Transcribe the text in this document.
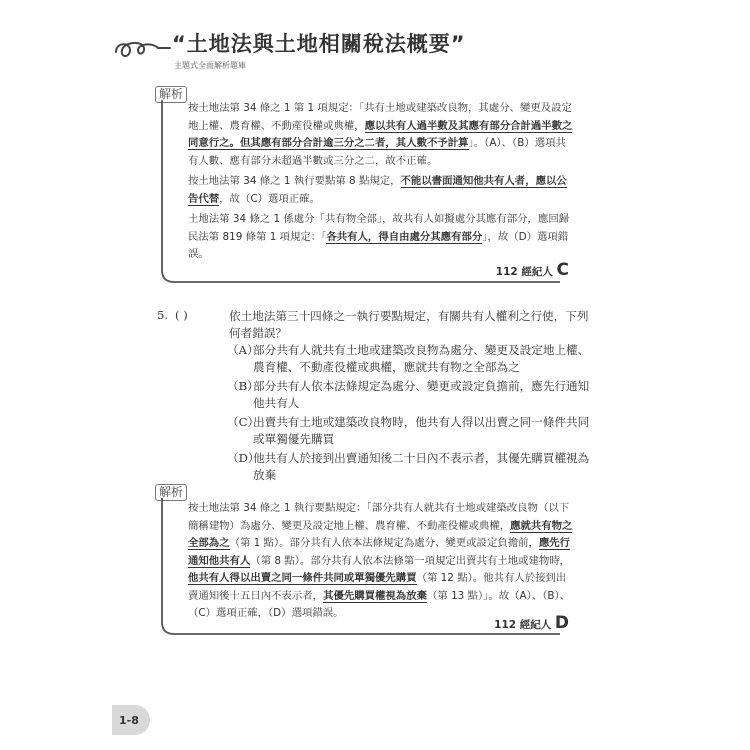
“土地法與土地相關稅法概要”
主題式全面解析題庫
解析

按土地法第 34 條之 1 第 1 項規定：「共有土地或建築改良物，其處分、變更及設定地上權、農育權、不動產役權或典權，應以共有人過半數及其應有部分合計過半數之同意行之。但其應有部分合計逾三分之二者，其人數不予計算」。（A）、（B）選項共有人數、應有部分未超過半數或三分之二，故不正確。

按土地法第 34 條之 1 執行要點第 8 點規定，不能以書面通知他共有人者，應以公告代替，故（C）選項正確。

土地法第 34 條之 1 係處分「共有物全部」，故共有人如擬處分其應有部分，應回歸民法第 819 條第 1 項規定：「各共有人，得自由處分其應有部分」，故（D）選項錯誤。

112 經紀人 C
5. ( )	依土地法第三十四條之一執行要點規定，有關共有人權利之行使，下列何者錯誤？
（A）
部分共有人就共有土地或建築改良物為處分、變更及設定地上權、農育權、不動產役權或典權，應就共有物之全部為之
（B）
部分共有人依本法條規定為處分、變更或設定負擔前，應先行通知他共有人
（C）
出賣共有土地或建築改良物時，他共有人得以出賣之同一條件共同或單獨優先購買
（D）
他共有人於接到出賣通知後二十日內不表示者，其優先購買權視為放棄
解析

按土地法第 34 條之 1 執行要點規定：「部分共有人就共有土地或建築改良物（以下簡稱建物）為處分、變更及設定地上權、農育權、不動產役權或典權，應就共有物之全部為之（第 1 點）。部分共有人依本法條規定為處分、變更或設定負擔前，應先行通知他共有人（第 8 點）。部分共有人依本法條第一項規定出賣共有土地或建物時，他共有人得以出賣之同一條件共同或單獨優先購買（第 12 點）。他共有人於接到出賣通知後十五日內不表示者，其優先購買權視為放棄（第 13 點）」。故（A）、（B）、（C）選項正確，（D）選項錯誤。

112 經紀人 D
1-8
